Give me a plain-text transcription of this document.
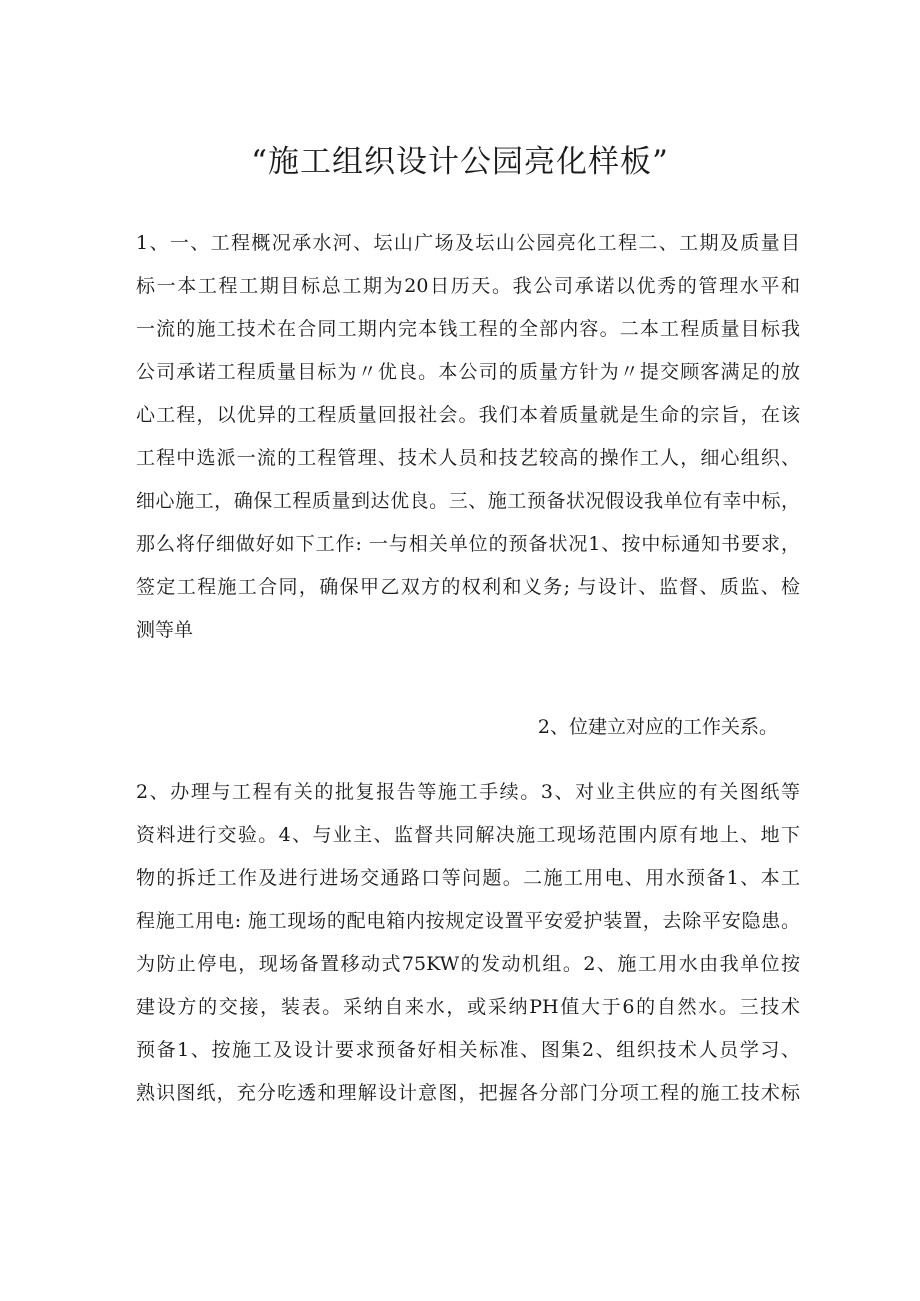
“施工组织设计公园亮化样板”
1、一、工程概况承水河、坛山广场及坛山公园亮化工程二、工期及质量目
标一本工程工期目标总工期为20日历天。我公司承诺以优秀的管理水平和
一流的施工技术在合同工期内完本钱工程的全部内容。二本工程质量目标我
公司承诺工程质量目标为〃优良。本公司的质量方针为〃提交顾客满足的放
心工程，以优异的工程质量回报社会。我们本着质量就是生命的宗旨，在该
工程中选派一流的工程管理、技术人员和技艺较高的操作工人，细心组织、
细心施工，确保工程质量到达优良。三、施工预备状况假设我单位有幸中标，
那么将仔细做好如下工作: 一与相关单位的预备状况1、按中标通知书要求，
签定工程施工合同，确保甲乙双方的权利和义务; 与设计、监督、质监、检
测等单
2、位建立对应的工作关系。
2、办理与工程有关的批复报告等施工手续。3、对业主供应的有关图纸等
资料进行交验。4、与业主、监督共同解决施工现场范围内原有地上、地下
物的拆迁工作及进行进场交通路口等问题。二施工用电、用水预备1、本工
程施工用电: 施工现场的配电箱内按规定设置平安爱护装置，去除平安隐患。
为防止停电，现场备置移动式75KW的发动机组。2、施工用水由我单位按
建设方的交接，装表。采纳自来水，或采纳PH值大于6的自然水。三技术
预备1、按施工及设计要求预备好相关标准、图集2、组织技术人员学习、
熟识图纸，充分吃透和理解设计意图，把握各分部门分项工程的施工技术标
